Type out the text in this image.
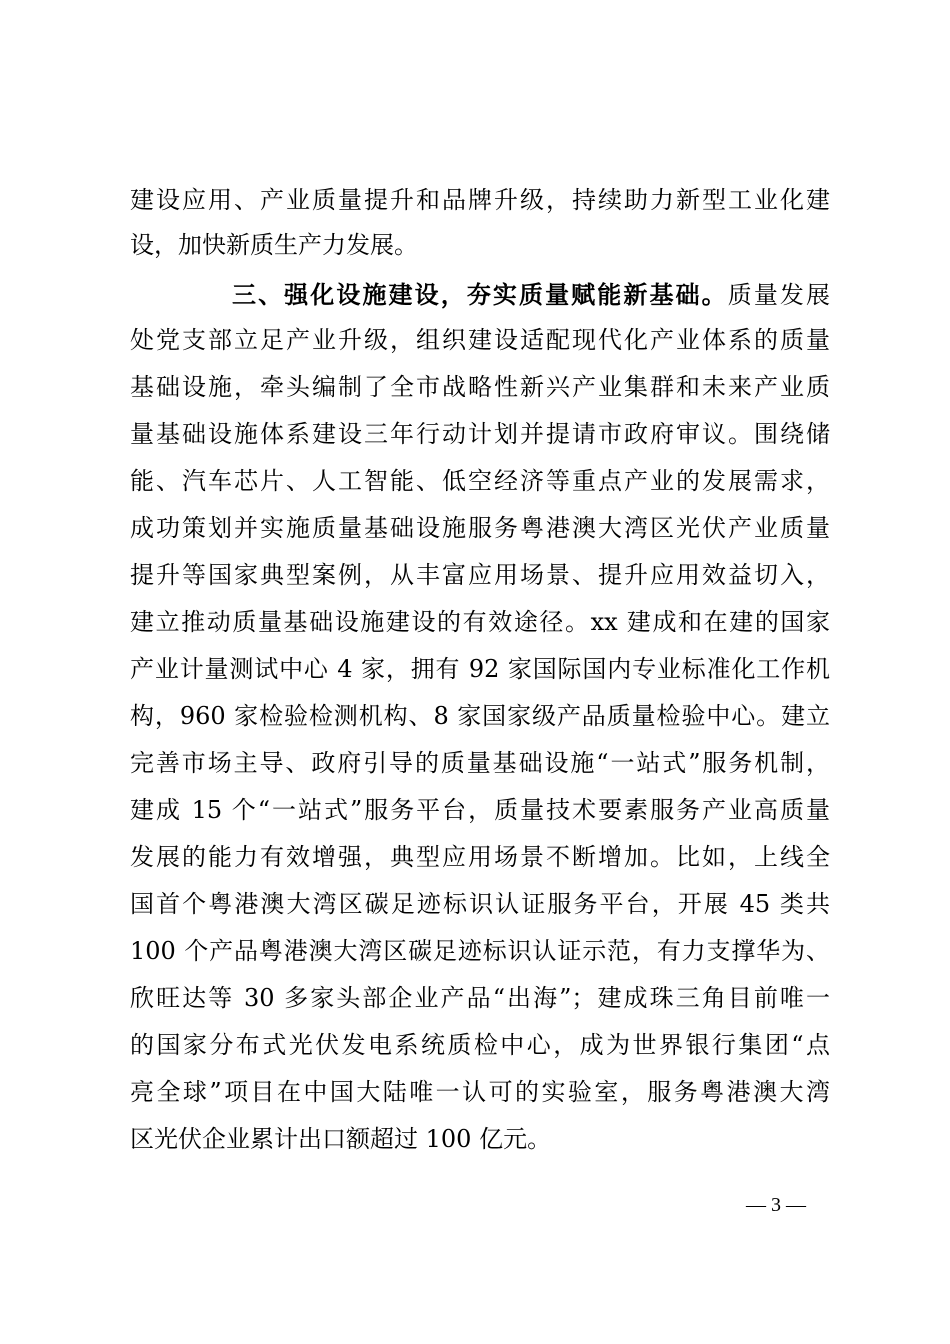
建设应用、产业质量提升和品牌升级，持续助力新型工业化建
设，加快新质生产力发展。
三、强化设施建设，夯实质量赋能新基础。质量发展
处党支部立足产业升级，组织建设适配现代化产业体系的质量
基础设施，牵头编制了全市战略性新兴产业集群和未来产业质
量基础设施体系建设三年行动计划并提请市政府审议。围绕储
能、汽车芯片、人工智能、低空经济等重点产业的发展需求，
成功策划并实施质量基础设施服务粤港澳大湾区光伏产业质量
提升等国家典型案例，从丰富应用场景、提升应用效益切入，
建立推动质量基础设施建设的有效途径。xx 建成和在建的国家
产业计量测试中心 4 家，拥有 92 家国际国内专业标准化工作机
构，960 家检验检测机构、8 家国家级产品质量检验中心。建立
完善市场主导、政府引导的质量基础设施“一站式”服务机制，
建成 15 个“一站式”服务平台，质量技术要素服务产业高质量
发展的能力有效增强，典型应用场景不断增加。比如，上线全
国首个粤港澳大湾区碳足迹标识认证服务平台，开展 45 类共
100 个产品粤港澳大湾区碳足迹标识认证示范，有力支撑华为、
欣旺达等 30 多家头部企业产品“出海”；建成珠三角目前唯一
的国家分布式光伏发电系统质检中心，成为世界银行集团“点
亮全球”项目在中国大陆唯一认可的实验室，服务粤港澳大湾
区光伏企业累计出口额超过 100 亿元。
— 3 —
